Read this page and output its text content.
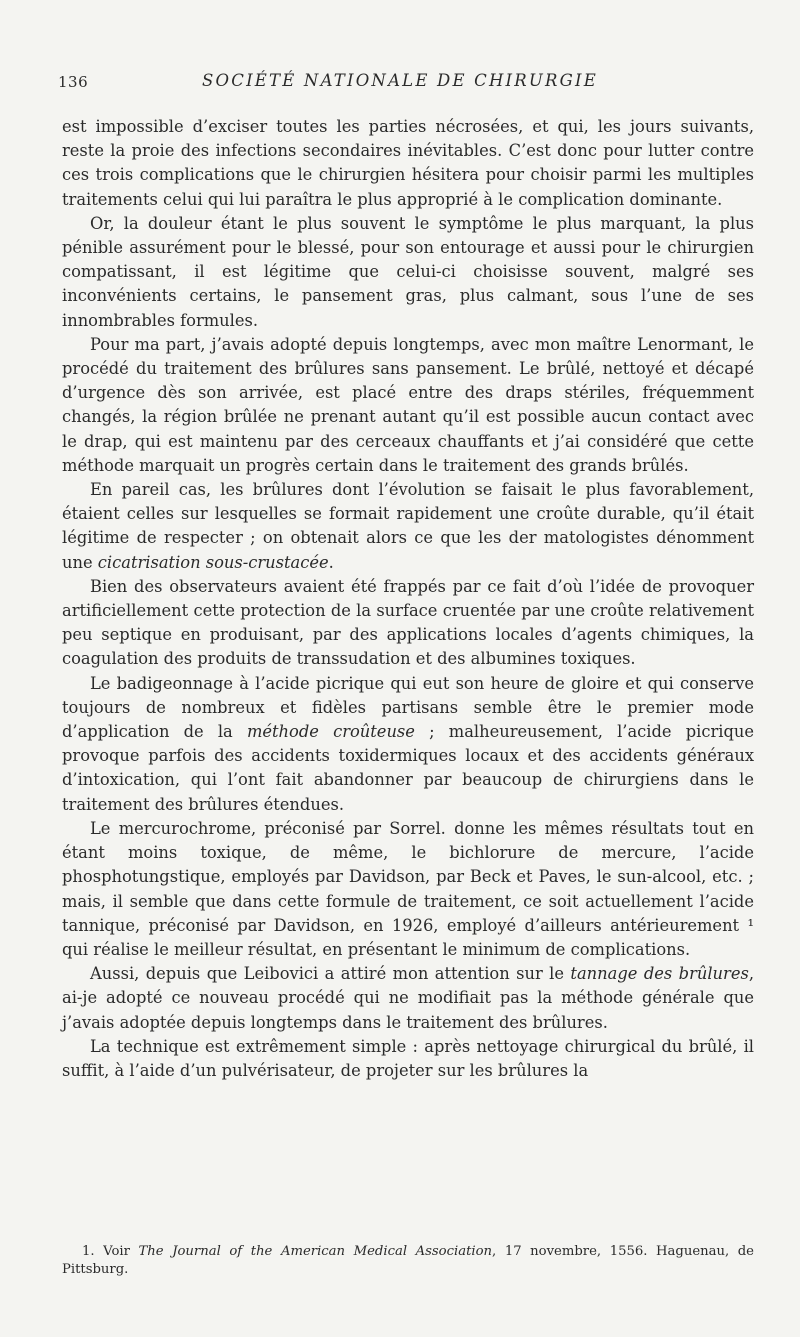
136	SOCIÉTÉ NATIONALE DE CHIRURGIE

est impossible d’exciser toutes les parties nécrosées, et qui, les jours suivants, reste la proie des infections secondaires inévitables. C’est donc pour lutter contre ces trois complications que le chirurgien hésitera pour choisir parmi les multiples traitements celui qui lui paraîtra le plus approprié à le complication dominante.

Or, la douleur étant le plus souvent le symptôme le plus marquant, la plus pénible assurément pour le blessé, pour son entourage et aussi pour le chirurgien compatissant, il est légitime que celui-ci choisisse souvent, malgré ses inconvénients certains, le pansement gras, plus calmant, sous l’une de ses innombrables formules.

Pour ma part, j’avais adopté depuis longtemps, avec mon maître Lenormant, le procédé du traitement des brûlures sans pansement. Le brûlé, nettoyé et décapé d’urgence dès son arrivée, est placé entre des draps stériles, fréquemment changés, la région brûlée ne prenant autant qu’il est possible aucun contact avec le drap, qui est maintenu par des cerceaux chauffants et j’ai considéré que cette méthode marquait un progrès certain dans le traitement des grands brûlés.

En pareil cas, les brûlures dont l’évolution se faisait le plus favorablement, étaient celles sur lesquelles se formait rapidement une croûte durable, qu’il était légitime de respecter ; on obtenait alors ce que les der matologistes dénomment une cicatrisation sous-crustacée.

Bien des observateurs avaient été frappés par ce fait d’où l’idée de provoquer artificiellement cette protection de la surface cruentée par une croûte relativement peu septique en produisant, par des applications locales d’agents chimiques, la coagulation des produits de transsudation et des albumines toxiques.

Le badigeonnage à l’acide picrique qui eut son heure de gloire et qui conserve toujours de nombreux et fidèles partisans semble être le premier mode d’application de la méthode croûteuse ; malheureusement, l’acide picrique provoque parfois des accidents toxidermiques locaux et des accidents généraux d’intoxication, qui l’ont fait abandonner par beaucoup de chirurgiens dans le traitement des brûlures étendues.

Le mercurochrome, préconisé par Sorrel. donne les mêmes résultats tout en étant moins toxique, de même, le bichlorure de mercure, l’acide phosphotungstique, employés par Davidson, par Beck et Paves, le sun-alcool, etc. ; mais, il semble que dans cette formule de traitement, ce soit actuellement l’acide tannique, préconisé par Davidson, en 1926, employé d’ailleurs antérieurement ¹ qui réalise le meilleur résultat, en présentant le minimum de complications.

Aussi, depuis que Leibovici a attiré mon attention sur le tannage des brûlures, ai-je adopté ce nouveau procédé qui ne modifiait pas la méthode générale que j’avais adoptée depuis longtemps dans le traitement des brûlures.

La technique est extrêmement simple : après nettoyage chirurgical du brûlé, il suffit, à l’aide d’un pulvérisateur, de projeter sur les brûlures la

1. Voir The Journal of the American Medical Association, 17 novembre, 1556. Haguenau, de Pittsburg.
